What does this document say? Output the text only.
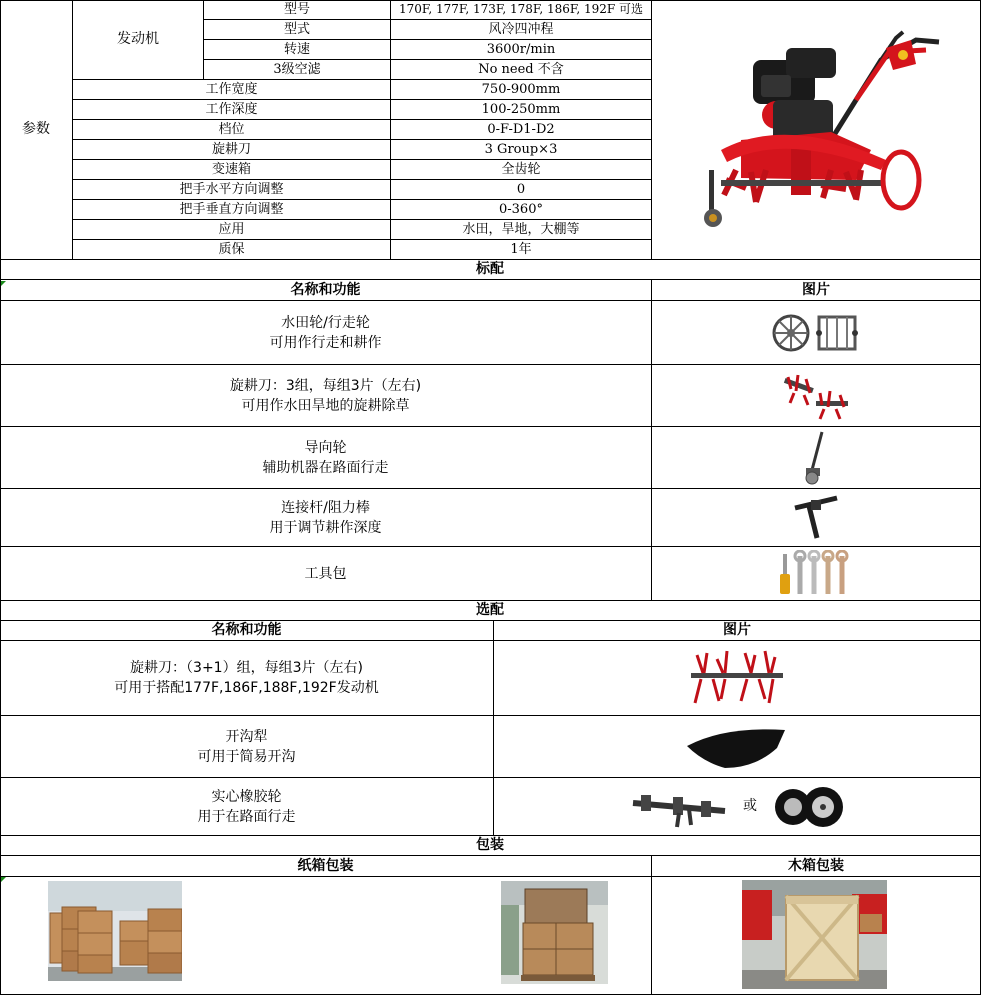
参数
发动机
型号	170F, 177F, 173F, 178F, 186F, 192F 可选
型式	风冷四冲程
转速	3600r/min
3级空滤	No need 不含
工作宽度	750-900mm
工作深度	100-250mm
档位	0-F-D1-D2
旋耕刀	3 Group×3
变速箱	全齿轮
把手水平方向调整	0
把手垂直方向调整	0-360°
应用	水田，旱地，大棚等
质保	1年
标配
名称和功能	图片
水田轮/行走轮
可用作行走和耕作
旋耕刀：3组，每组3片（左右)
可用作水田旱地的旋耕除草
导向轮
辅助机器在路面行走
连接杆/阻力棒
用于调节耕作深度
工具包
选配
名称和功能	图片
旋耕刀：（3+1）组，每组3片（左右)
可用于搭配177F,186F,188F,192F发动机
开沟犁
可用于简易开沟
实心橡胶轮
用于在路面行走
或
包装
纸箱包装	木箱包装
